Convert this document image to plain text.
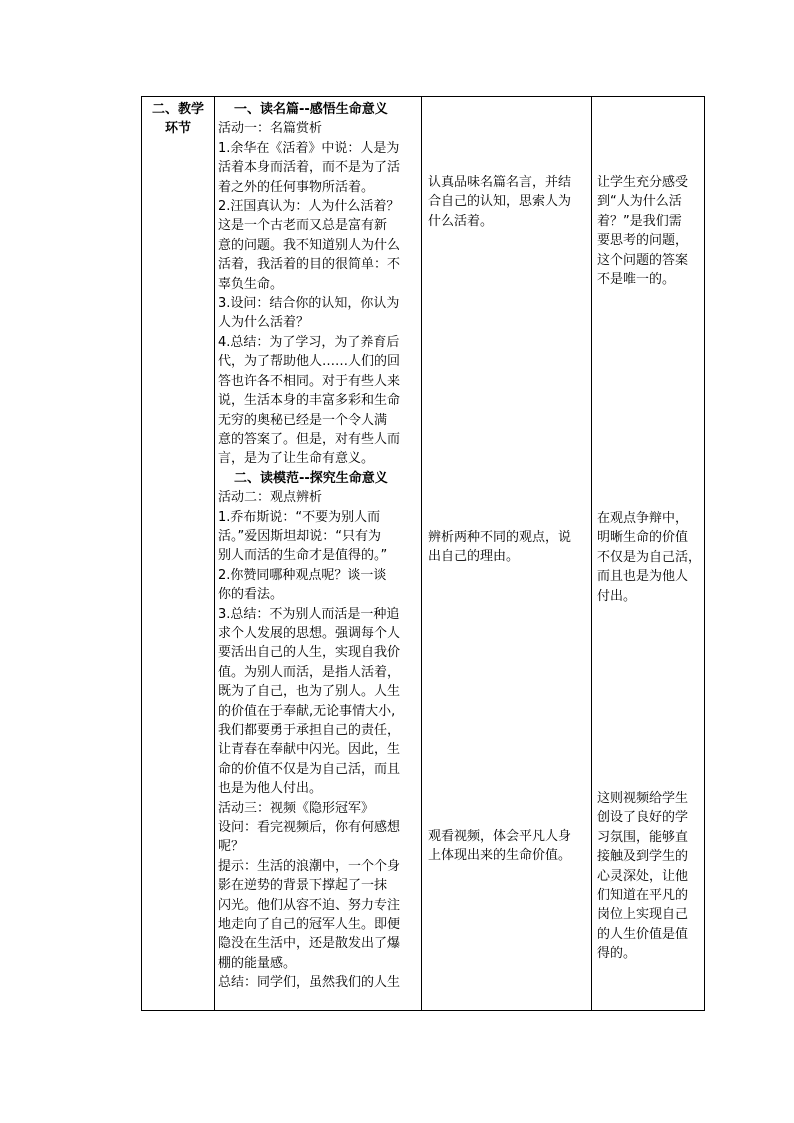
二、教学
环节
一、读名篇--感悟生命意义
活动一：名篇赏析
1.余华在《活着》中说：人是为
活着本身而活着，而不是为了活
着之外的任何事物所活着。
2.汪国真认为：人为什么活着？
这是一个古老而又总是富有新
意的问题。我不知道别人为什么
活着，我活着的目的很简单：不
辜负生命。
3.设问：结合你的认知，你认为
人为什么活着？
4.总结：为了学习，为了养育后
代，为了帮助他人……人们的回
答也许各不相同。对于有些人来
说，生活本身的丰富多彩和生命
无穷的奥秘已经是一个令人满
意的答案了。但是，对有些人而
言，是为了让生命有意义。
二、读模范--探究生命意义
活动二：观点辨析
1.乔布斯说：“不要为别人而
活。”爱因斯坦却说：“只有为
别人而活的生命才是值得的。”
2.你赞同哪种观点呢？谈一谈
你的看法。
3.总结：不为别人而活是一种追
求个人发展的思想。强调每个人
要活出自己的人生，实现自我价
值。为别人而活，是指人活着，
既为了自己，也为了别人。人生
的价值在于奉献,无论事情大小,
我们都要勇于承担自己的责任，
让青春在奉献中闪光。因此，生
命的价值不仅是为自己活，而且
也是为他人付出。
活动三：视频《隐形冠军》
设问：看完视频后，你有何感想
呢？
提示：生活的浪潮中，一个个身
影在逆势的背景下撑起了一抹
闪光。他们从容不迫、努力专注
地走向了自己的冠军人生。即便
隐没在生活中，还是散发出了爆
棚的能量感。
总结：同学们，虽然我们的人生
认真品味名篇名言，并结
合自己的认知，思索人为
什么活着。
辨析两种不同的观点，说
出自己的理由。
观看视频，体会平凡人身
上体现出来的生命价值。
让学生充分感受
到“人为什么活
着？”是我们需
要思考的问题，
这个问题的答案
不是唯一的。
在观点争辩中，
明晰生命的价值
不仅是为自己活，
而且也是为他人
付出。
这则视频给学生
创设了良好的学
习氛围，能够直
接触及到学生的
心灵深处，让他
们知道在平凡的
岗位上实现自己
的人生价值是值
得的。
